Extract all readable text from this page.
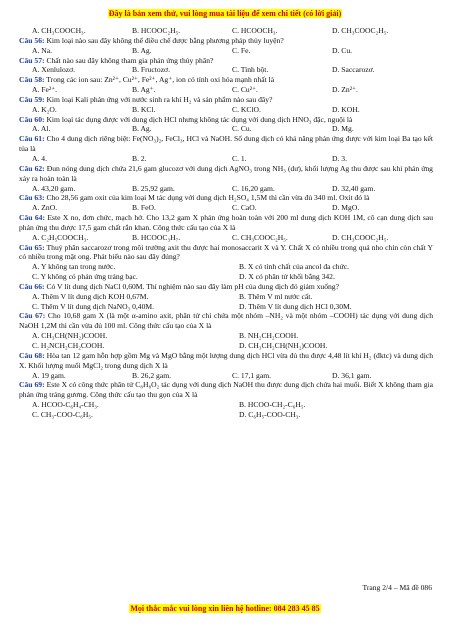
Đây là bản xem thử, vui lòng mua tài liệu để xem chi tiết (có lời giải)
A. CH₃COOCH₃.	B. HCOOC₂H₅.	C. HCOOCH₃.	D. CH₃COOC₂H₅.

Câu 56: Kim loại nào sau đây không thể điều chế được bằng phương pháp thủy luyện?

A. Na.	B. Ag.	C. Fe.	D. Cu.

Câu 57: Chất nào sau đây không tham gia phản ứng thủy phân?

A. Xenlulozơ.	B. Fructozơ.	C. Tinh bột.	D. Saccarozơ.

Câu 58: Trong các ion sau: Zn²⁺, Cu²⁺, Fe²⁺, Ag⁺, ion có tính oxi hóa mạnh nhất là

A. Fe²⁺.	B. Ag⁺.	C. Cu²⁺.	D. Zn²⁺.

Câu 59: Kim loại Kali phản ứng với nước sinh ra khí H₂ và sản phẩm nào sau đây?

A. K₂O.	B. KCl.	C. KClO.	D. KOH.

Câu 60: Kim loại tác dụng được với dung dịch HCl nhưng không tác dụng với dung dịch HNO₃ đặc, nguội là

A. Al.	B. Ag.	C. Cu.	D. Mg.

Câu 61: Cho 4 dung dịch riêng biệt: Fe(NO₃)₂, FeCl₃, HCl và NaOH. Số dung dịch có khả năng phản ứng được với kim loại Ba tạo kết tủa là

A. 4.	B. 2.	C. 1.	D. 3.

Câu 62: Đun nóng dung dịch chứa 21,6 gam glucozơ với dung dịch AgNO₃ trong NH₃ (dư), khối lượng Ag thu được sau khi phản ứng xảy ra hoàn toàn là

A. 43,20 gam.	B. 25,92 gam.	C. 16,20 gam.	D. 32,40 gam.

Câu 63: Cho 28,56 gam oxit của kim loại M tác dụng với dung dịch H₂SO₄ 1,5M thì cần vừa đủ 340 ml. Oxit đó là

A. ZnO.	B. FeO.	C. CaO.	D. MgO.

Câu 64: Este X no, đơn chức, mạch hở. Cho 13,2 gam X phản ứng hoàn toàn với 200 ml dung dịch KOH 1M, cô cạn dung dịch sau phản ứng thu được 17,5 gam chất rắn khan. Công thức cấu tạo của X là

A. C₂H₅COOCH₃.	B. HCOOC₃H₇.	C. CH₃COOC₂H₅.	D. CH₃COOC₂H₅.

Câu 65: Thuỷ phân saccarozơ trong môi trường axit thu được hai monosaccarit X và Y. Chất X có nhiều trong quả nho chín còn chất Y có nhiều trong mật ong. Phát biểu nào sau đây đúng?

A. Y không tan trong nước.	B. X có tính chất của ancol đa chức.
C. Y không có phản ứng tráng bạc.	D. X có phân tử khối bằng 342.

Câu 66: Có V lít dung dịch NaCl 0,60M. Thí nghiệm nào sau đây làm pH của dung dịch đó giảm xuống?

A. Thêm V lít dung dịch KOH 0,67M.	B. Thêm V ml nước cất.
C. Thêm V lít dung dịch NaNO₃ 0,40M.	D. Thêm V lít dung dịch HCl 0,30M.

Câu 67: Cho 10,68 gam X (là một α-amino axit, phân tử chỉ chứa một nhóm –NH₂ và một nhóm –COOH) tác dụng với dung dịch NaOH 1,2M thì cần vừa đủ 100 ml. Công thức cấu tạo của X là

A. CH₃CH(NH₂)COOH.	B. NH₂CH₂COOH.
C. H₂NCH₂CH₂COOH.	D. CH₃CH₂CH(NH₂)COOH.

Câu 68: Hòa tan 12 gam hỗn hợp gồm Mg và MgO bằng một lượng dung dịch HCl vừa đủ thu được 4,48 lít khí H₂ (đktc) và dung dịch X. Khối lượng muối MgCl₂ trong dung dịch X là

A. 19 gam.	B. 26,2 gam.	C. 17,1 gam.	D. 36,1 gam.

Câu 69: Este X có công thức phân tử C₈H₈O₂ tác dụng với dung dịch NaOH thu được dung dịch chứa hai muối. Biết X không tham gia phản ứng tráng gương. Công thức cấu tạo thu gọn của X là

A. HCOO-C₆H₄-CH₃.	B. HCOO-CH₂-C₆H₅.
C. CH₃-COO-C₆H₅.	D. C₆H₅-COO-CH₃.
Trang 2/4 – Mã đề 086
Mọi thắc mắc vui lòng xin liên hệ hotline: 084 283 45 85
